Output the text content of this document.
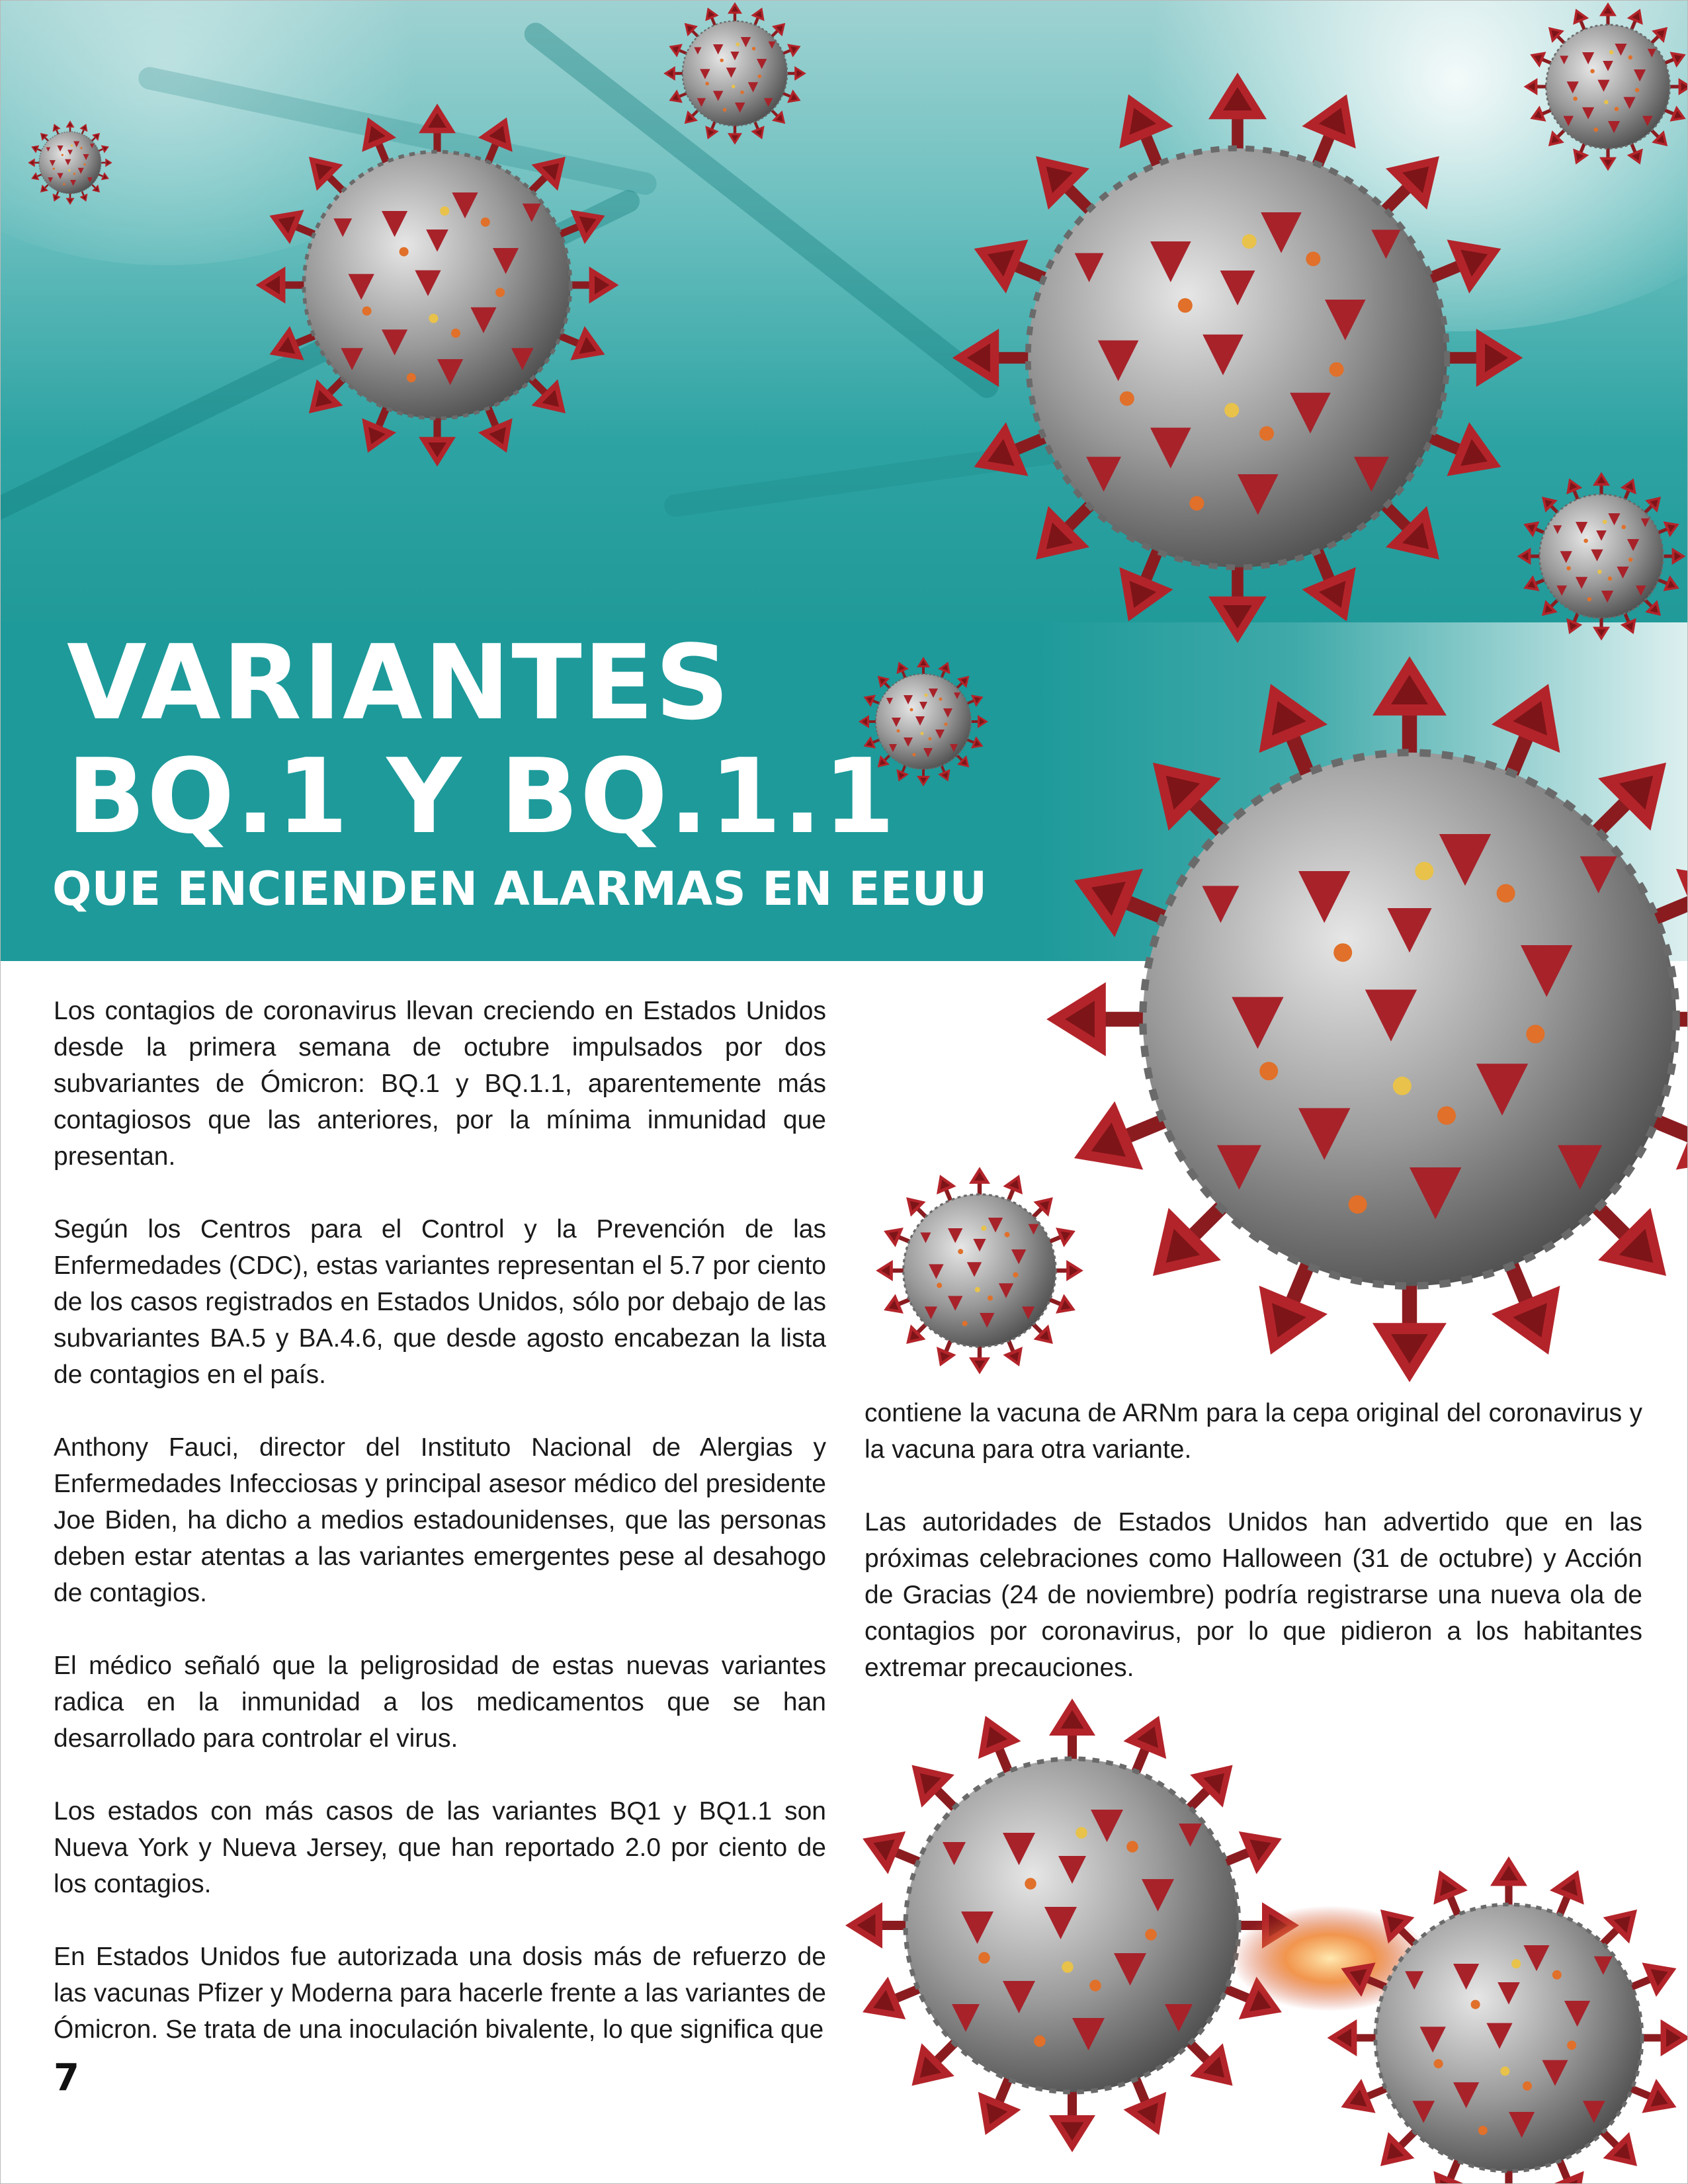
VARIANTES
BQ.1 Y BQ.1.1
QUE ENCIENDEN ALARMAS EN EEUU

Los contagios de coronavirus llevan creciendo en Estados Unidos desde la primera semana de octubre impulsados por dos subvariantes de Ómicron: BQ.1 y BQ.1.1, aparentemente más contagiosos que las anteriores, por la mínima inmunidad que presentan.

Según los Centros para el Control y la Prevención de las Enfermedades (CDC), estas variantes representan el 5.7 por ciento de los casos registrados en Estados Unidos, sólo por debajo de las subvariantes BA.5 y BA.4.6, que desde agosto encabezan la lista de contagios en el país.

Anthony Fauci, director del Instituto Nacional de Alergias y Enfermedades Infecciosas y principal asesor médico del presidente Joe Biden, ha dicho a medios estadounidenses, que las personas deben estar atentas a las variantes emergentes pese al desahogo de contagios.

El médico señaló que la peligrosidad de estas nuevas variantes radica en la inmunidad a los medicamentos que se han desarrollado para controlar el virus.

Los estados con más casos de las variantes BQ1 y BQ1.1 son Nueva York y Nueva Jersey, que han reportado 2.0 por ciento de los contagios.

En Estados Unidos fue autorizada una dosis más de refuerzo de las vacunas Pfizer y Moderna para hacerle frente a las variantes de Ómicron. Se trata de una inoculación bivalente, lo que significa que

contiene la vacuna de ARNm para la cepa original del coronavirus y la vacuna para otra variante.

Las autoridades de Estados Unidos han advertido que en las próximas celebraciones como Halloween (31 de octubre) y Acción de Gracias (24 de noviembre) podría registrarse una nueva ola de contagios por coronavirus, por lo que pidieron a los habitantes extremar precauciones.

7
